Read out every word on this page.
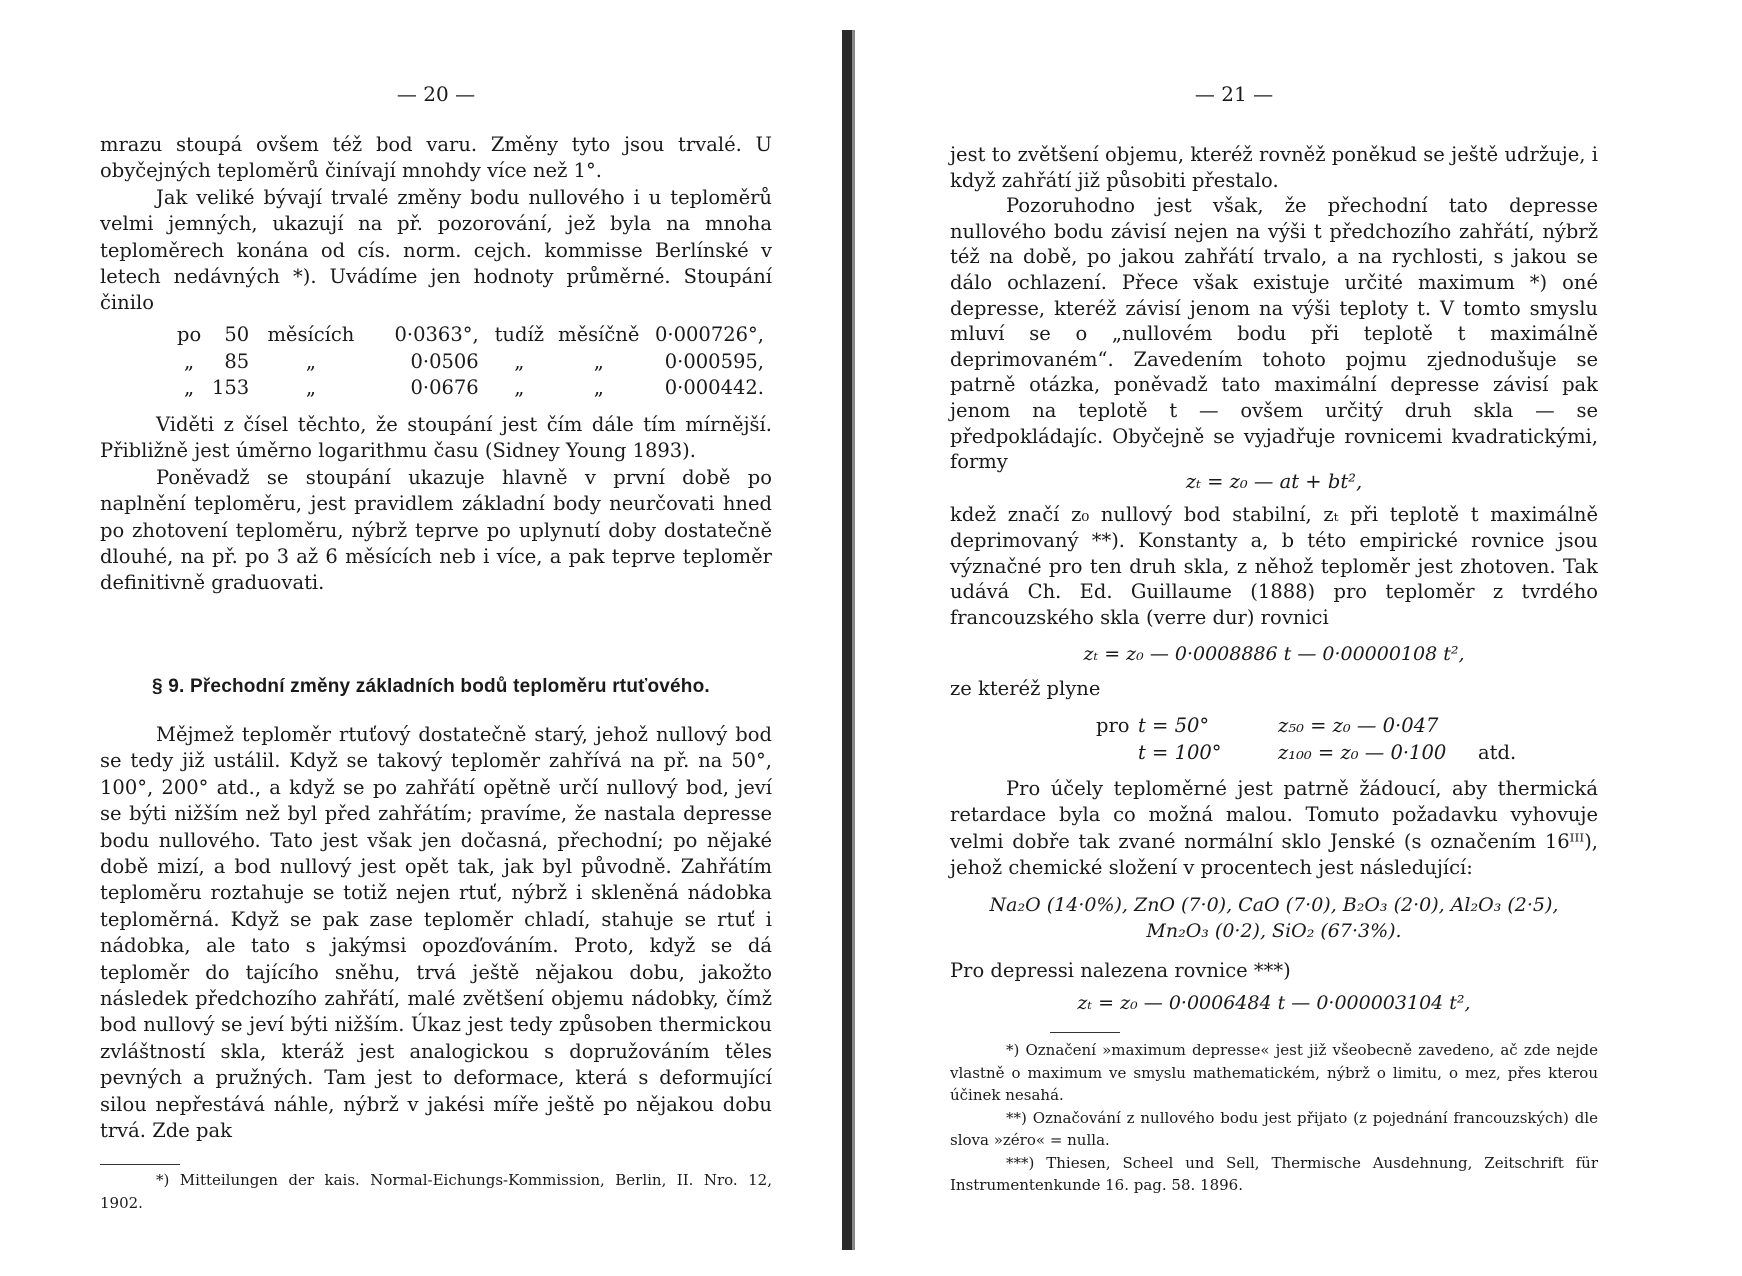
— 20 —

mrazu stoupá ovšem též bod varu. Změny tyto jsou trvalé. U obyčejných teploměrů činívají mnohdy více než 1°.

Jak veliké bývají trvalé změny bodu nullového i u teploměrů velmi jemných, ukazují na př. pozorování, jež byla na mnoha teploměrech konána od cís. norm. cejch. kommisse Berlínské v letech nedávných *). Uvádíme jen hodnoty průměrné. Stoupání činilo

po	50	měsících	0·0363°,	tudíž	měsíčně	0·000726°,
„	85	„	0·0506	„	„	0·000595,
„	153	„	0·0676	„	„	0·000442.

Viděti z čísel těchto, že stoupání jest čím dále tím mírnější. Přibližně jest úměrno logarithmu času (Sidney Young 1893).

Poněvadž se stoupání ukazuje hlavně v první době po naplnění teploměru, jest pravidlem základní body neurčovati hned po zhotovení teploměru, nýbrž teprve po uplynutí doby dostatečně dlouhé, na př. po 3 až 6 měsících neb i více, a pak teprve teploměr definitivně graduovati.

§ 9. Přechodní změny základních bodů teploměru rtuťového.

Mějmež teploměr rtuťový dostatečně starý, jehož nullový bod se tedy již ustálil. Když se takový teploměr zahřívá na př. na 50°, 100°, 200° atd., a když se po zahřátí opětně určí nullový bod, jeví se býti nižším než byl před zahřátím; pravíme, že nastala depresse bodu nullového. Tato jest však jen dočasná, přechodní; po nějaké době mizí, a bod nullový jest opět tak, jak byl původně. Zahřátím teploměru roztahuje se totiž nejen rtuť, nýbrž i skleněná nádobka teploměrná. Když se pak zase teploměr chladí, stahuje se rtuť i nádobka, ale tato s jakýmsi opozďováním. Proto, když se dá teploměr do tajícího sněhu, trvá ještě nějakou dobu, jakožto následek předchozího zahřátí, malé zvětšení objemu nádobky, čímž bod nullový se jeví býti nižším. Úkaz jest tedy způsoben thermickou zvláštností skla, kteráž jest analogickou s dopružováním těles pevných a pružných. Tam jest to deformace, která s deformující silou nepřestává náhle, nýbrž v jakési míře ještě po nějakou dobu trvá. Zde pak

*) Mitteilungen der kais. Normal-Eichungs-Kommission, Berlin, II. Nro. 12, 1902.
— 21 —

jest to zvětšení objemu, kteréž rovněž poněkud se ještě udržuje, i když zahřátí již působiti přestalo.

Pozoruhodno jest však, že přechodní tato depresse nullového bodu závisí nejen na výši t předchozího zahřátí, nýbrž též na době, po jakou zahřátí trvalo, a na rychlosti, s jakou se dálo ochlazení. Přece však existuje určité maximum *) oné depresse, kteréž závisí jenom na výši teploty t. V tomto smyslu mluví se o „nullovém bodu při teplotě t maximálně deprimovaném“. Zavedením tohoto pojmu zjednodušuje se patrně otázka, poněvadž tato maximální depresse závisí pak jenom na teplotě t — ovšem určitý druh skla — se předpokládajíc. Obyčejně se vyjadřuje rovnicemi kvadratickými, formy

zₜ = z₀ — at + bt²,

kdež značí z₀ nullový bod stabilní, zₜ při teplotě t maximálně deprimovaný **). Konstanty a, b této empirické rovnice jsou význačné pro ten druh skla, z něhož teploměr jest zhotoven. Tak udává Ch. Ed. Guillaume (1888) pro teploměr z tvrdého francouzského skla (verre dur) rovnici

zₜ = z₀ — 0·0008886 t — 0·00000108 t²,
ze kteréž plyne
pro t = 50°	z₅₀ = z₀ — 0·047
t = 100°	z₁₀₀ = z₀ — 0·100	atd.

Pro účely teploměrné jest patrně žádoucí, aby thermická retardace byla co možná malou. Tomuto požadavku vyhovuje velmi dobře tak zvané normální sklo Jenské (s označením 16ᴵᴵᴵ), jehož chemické složení v procentech jest následující:

Na₂O (14·0%), ZnO (7·0), CaO (7·0), B₂O₃ (2·0), Al₂O₃ (2·5),
Mn₂O₃ (0·2), SiO₂ (67·3%).
Pro depressi nalezena rovnice ***)
zₜ = z₀ — 0·0006484 t — 0·000003104 t²,
*) Označení »maximum depresse« jest již všeobecně zavedeno, ač zde nejde vlastně o maximum ve smyslu mathematickém, nýbrž o limitu, o mez, přes kterou účinek nesahá.
**) Označování z nullového bodu jest přijato (z pojednání francouzských) dle slova »zéro« = nulla.
***) Thiesen, Scheel und Sell, Thermische Ausdehnung, Zeitschrift für Instrumentenkunde 16. pag. 58. 1896.
